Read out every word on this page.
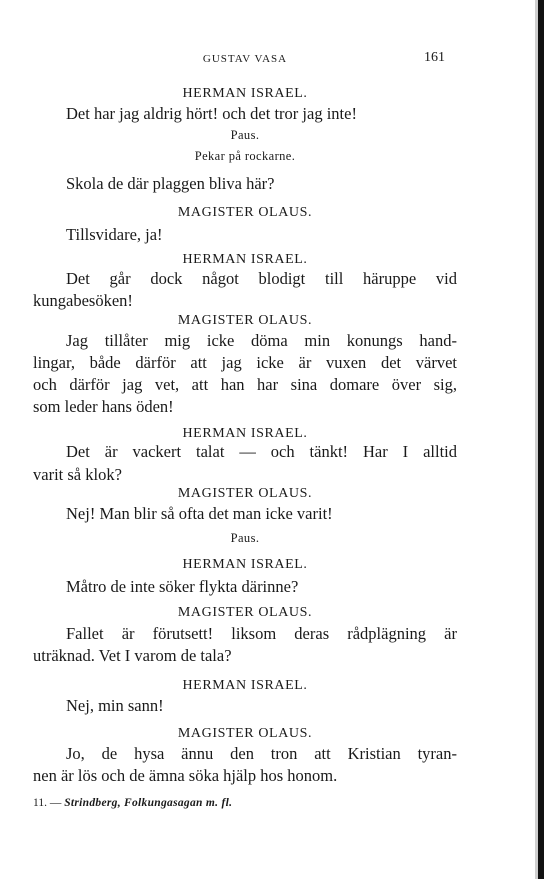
GUSTAV VASA	161
HERMAN ISRAEL.
Det har jag aldrig hört! och det tror jag inte!
Paus.
Pekar på rockarne.
Skola de där plaggen bliva här?
MAGISTER OLAUS.
Tillsvidare, ja!
HERMAN ISRAEL.
Det går dock något blodigt till häruppe vid
kungabesöken!
MAGISTER OLAUS.
Jag tillåter mig icke döma min konungs hand-
lingar, både därför att jag icke är vuxen det värvet
och därför jag vet, att han har sina domare över sig,
som leder hans öden!
HERMAN ISRAEL.
Det är vackert talat — och tänkt! Har I alltid
varit så klok?
MAGISTER OLAUS.
Nej! Man blir så ofta det man icke varit!
Paus.
HERMAN ISRAEL.
Måtro de inte söker flykta därinne?
MAGISTER OLAUS.
Fallet är förutsett! liksom deras rådplägning är
uträknad. Vet I varom de tala?
HERMAN ISRAEL.
Nej, min sann!
MAGISTER OLAUS.
Jo, de hysa ännu den tron att Kristian tyran-
nen är lös och de ämna söka hjälp hos honom.
11. — Strindberg, Folkungasagan m. fl.
